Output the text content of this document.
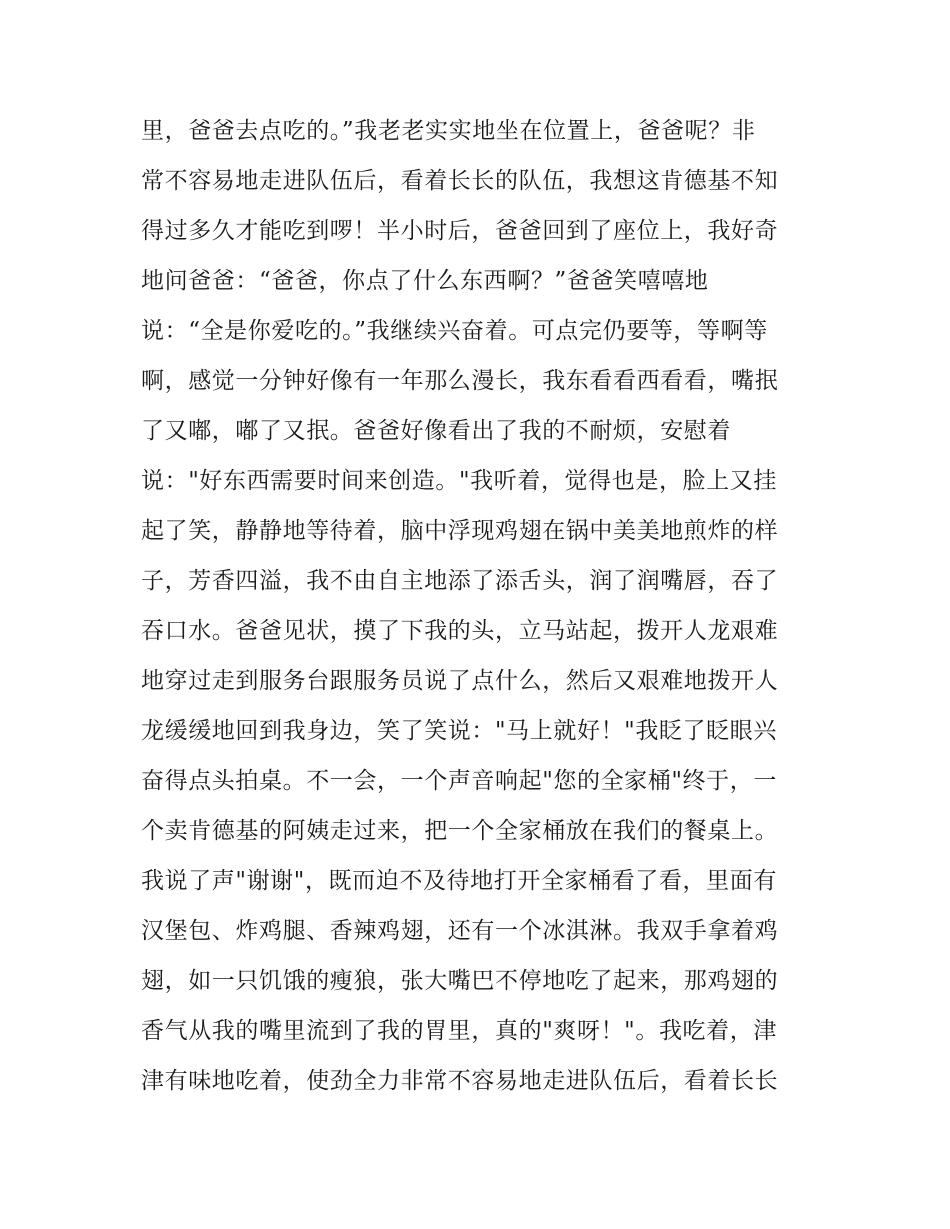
里，爸爸去点吃的。”我老老实实地坐在位置上，爸爸呢？非
常不容易地走进队伍后，看着长长的队伍，我想这肯德基不知
得过多久才能吃到啰！半小时后，爸爸回到了座位上，我好奇
地问爸爸：“爸爸，你点了什么东西啊？”爸爸笑嘻嘻地
说：“全是你爱吃的。”我继续兴奋着。可点完仍要等，等啊等
啊，感觉一分钟好像有一年那么漫长，我东看看西看看，嘴抿
了又嘟，嘟了又抿。爸爸好像看出了我的不耐烦，安慰着
说："好东西需要时间来创造。"我听着，觉得也是，脸上又挂
起了笑，静静地等待着，脑中浮现鸡翅在锅中美美地煎炸的样
子，芳香四溢，我不由自主地添了添舌头，润了润嘴唇，吞了
吞口水。爸爸见状，摸了下我的头，立马站起，拨开人龙艰难
地穿过走到服务台跟服务员说了点什么，然后又艰难地拨开人
龙缓缓地回到我身边，笑了笑说："马上就好！"我眨了眨眼兴
奋得点头拍桌。不一会，一个声音响起"您的全家桶"终于，一
个卖肯德基的阿姨走过来，把一个全家桶放在我们的餐桌上。
我说了声"谢谢"，既而迫不及待地打开全家桶看了看，里面有
汉堡包、炸鸡腿、香辣鸡翅，还有一个冰淇淋。我双手拿着鸡
翅，如一只饥饿的瘦狼，张大嘴巴不停地吃了起来，那鸡翅的
香气从我的嘴里流到了我的胃里，真的"爽呀！"。我吃着，津
津有味地吃着，使劲全力非常不容易地走进队伍后，看着长长
